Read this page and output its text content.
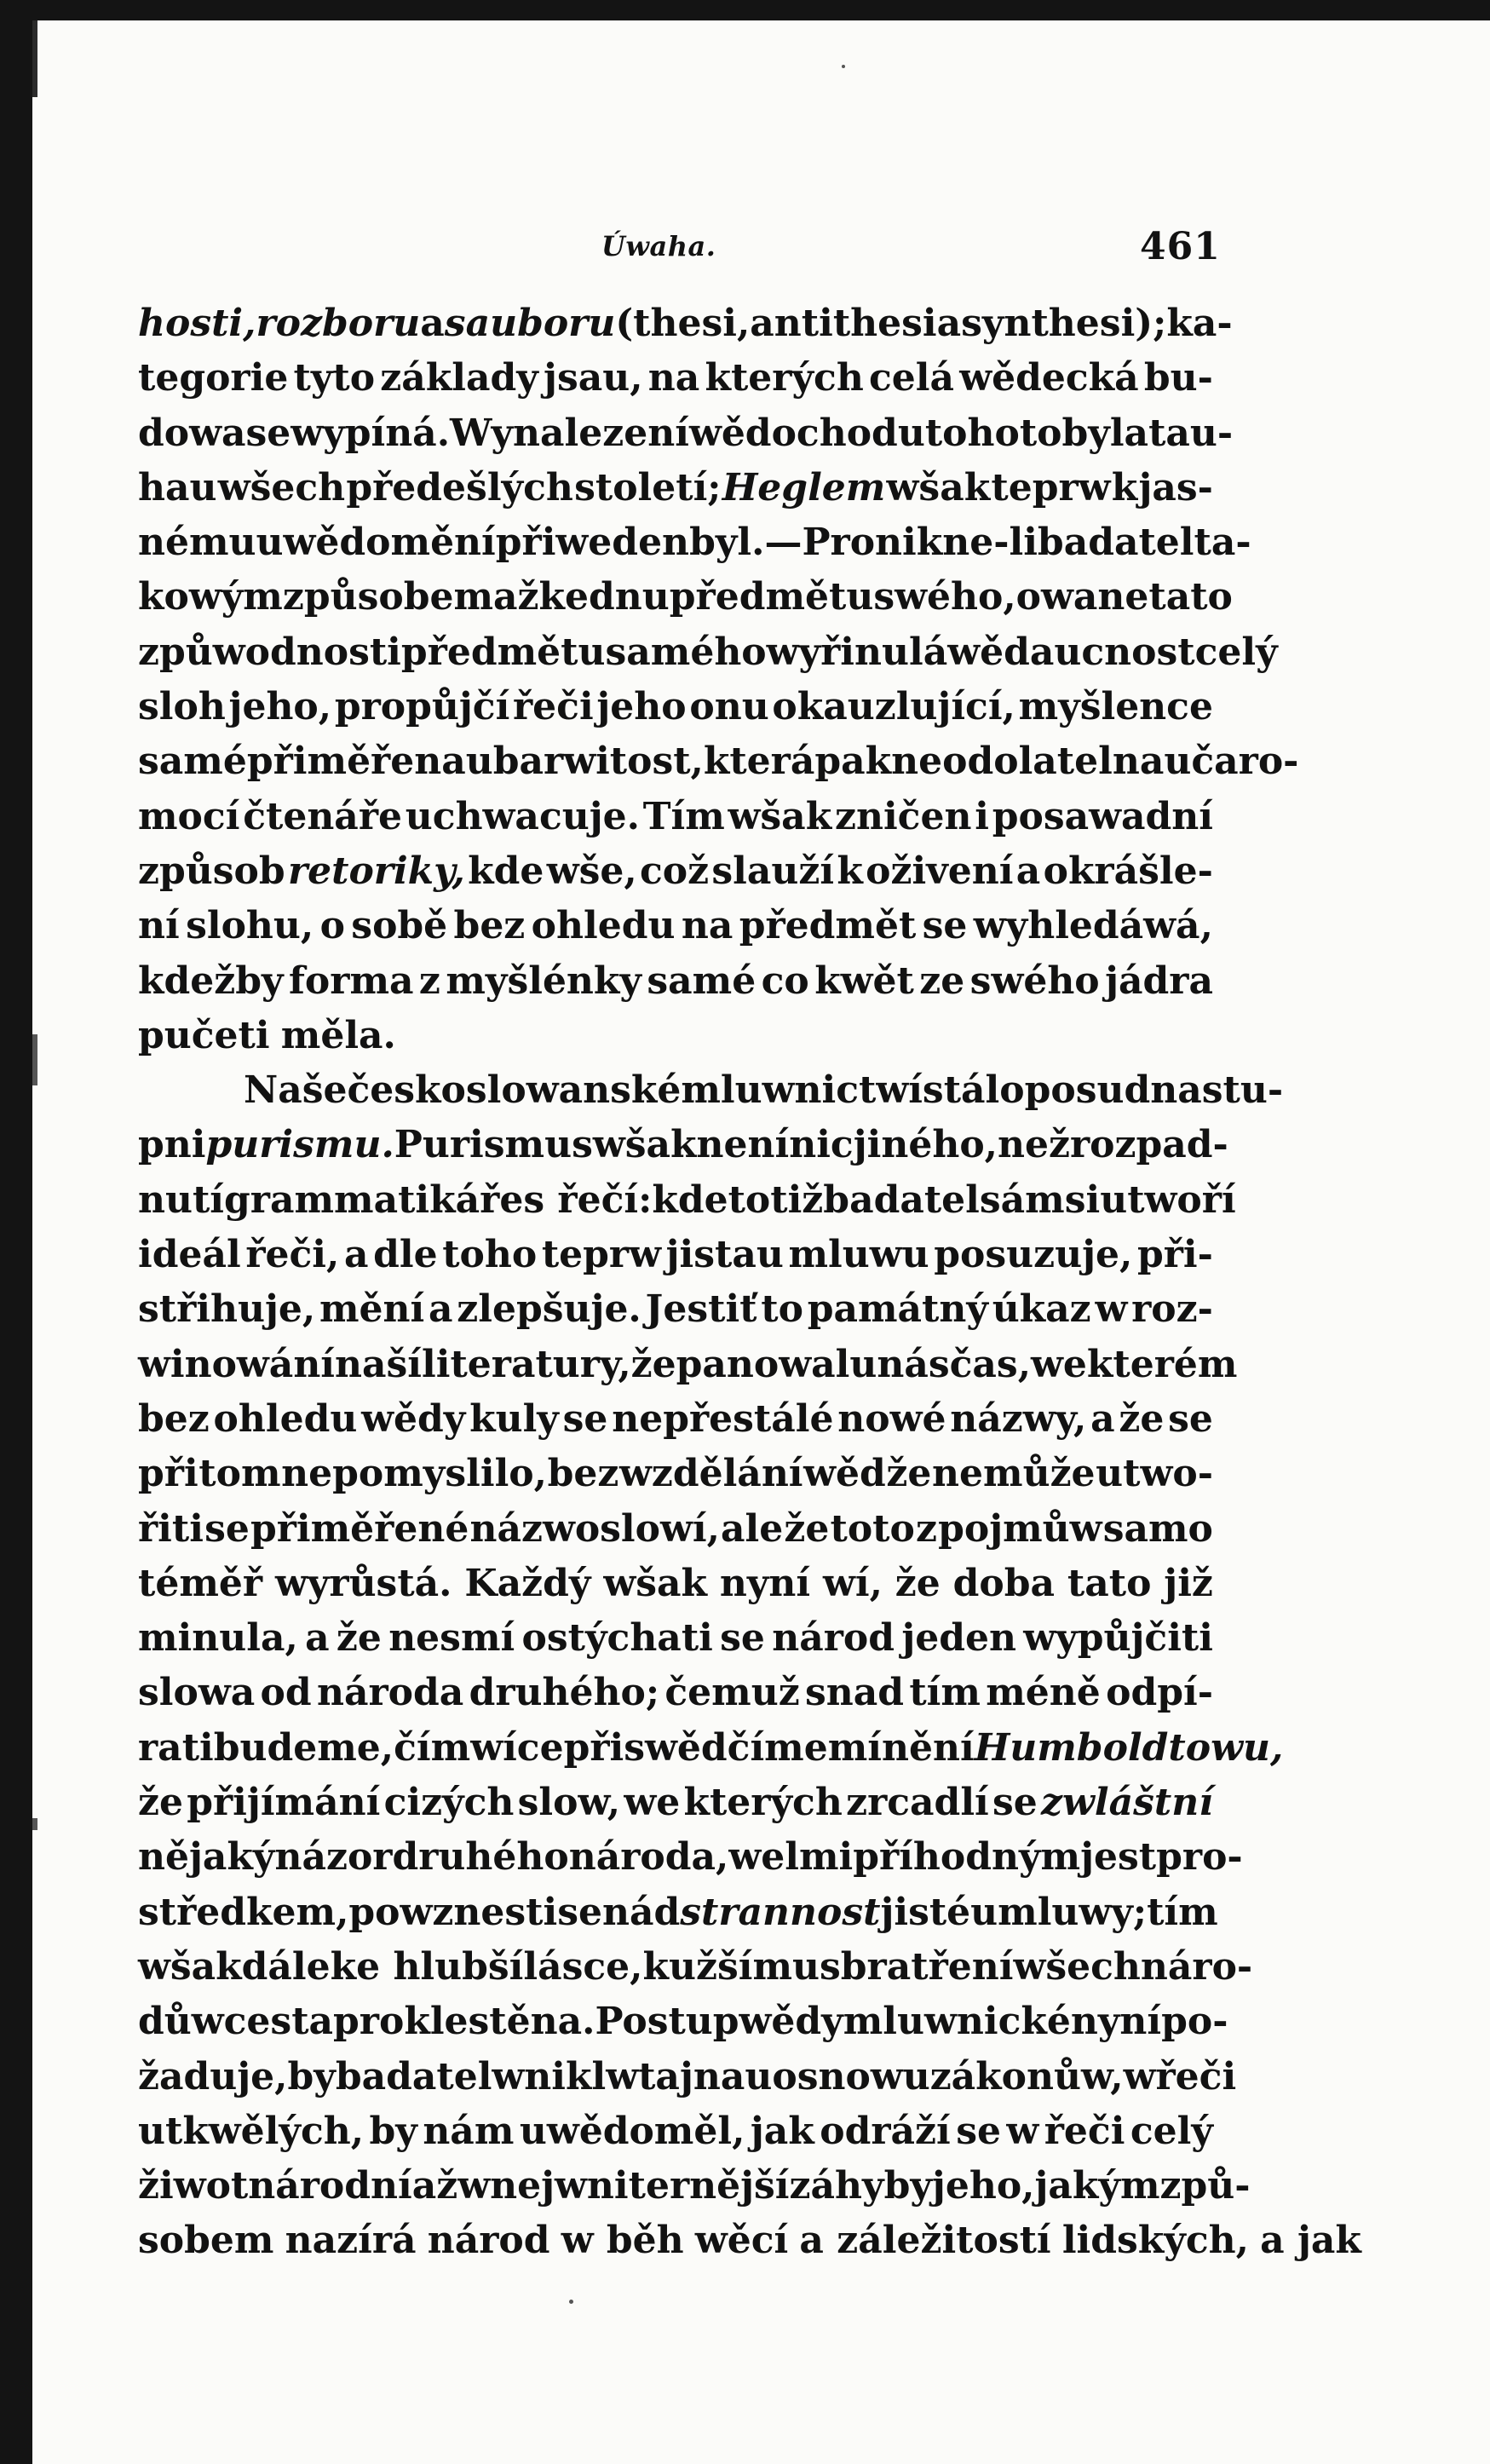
Úwaha.	461
hosti, rozboru a sauboru (thesi, antithesi a synthesi); ka-
tegorie tyto základy jsau, na kterých celá wědecká bu-
dowa se wypíná. Wynalezení wědochodu tohoto byla tau-
hau wšech předešlých století; Heglem wšak teprw k jas-
nému uwědomění přiweden byl. — Pronikne-li badatel ta-
kowým způsobem až ke dnu předmětu swého, owane tato
z půwodnosti předmětu samého wyřinulá wědaucnost celý
sloh jeho, propůjčí řeči jeho onu okauzlující, myšlence
samé přiměřenau barwitost, která pak neodolatelnau čaro-
mocí čtenáře uchwacuje. Tím wšak zničen i posawadní
způsob retoriky, kde wše, což slauží k oživení a okrášle-
ní slohu, o sobě bez ohledu na předmět se wyhledáwá,
kdežby forma z myšlénky samé co kwět ze swého jádra
pučeti měla.
Naše českoslowanské mluwnictwí stálo posud na stu-
pni purismu. Purismus wšak není nic jiného, než rozpad-
nutí grammatikáře s řečí: kde totiž badatel sám si utwoří
ideál řeči, a dle toho teprw jistau mluwu posuzuje, při-
střihuje, mění a zlepšuje. Jestiť to památný úkaz w roz-
winowání naší literatury, že panowal u nás čas, we kterém
bez ohledu wědy kuly se nepřestálé nowé názwy, a že se
při tom nepomyslilo, bez wzdělání wěd že nemůže utwo-
řiti se přiměřené názwoslowí, ale že toto z pojmůw samo
téměř wyrůstá. Každý wšak nyní wí, že doba tato již
minula, a že nesmí ostýchati se národ jeden wypůjčiti
slowa od národa druhého; čemuž snad tím méně odpí-
rati budeme, čím wíce přiswědčíme mínění Humboldtowu,
že přijímání cizých slow, we kterých zrcadlí se zwláštní
nějaký názor druhého národa, welmi příhodným jest pro-
středkem, powznesti se nád strannost jisté umluwy; tím
wšak dále ke hlubší lásce, k užšímu sbratření wšech náro-
důw cesta proklestěna. Postup wědy mluwnické nyní po-
žaduje, by badatel wnikl w tajnau osnowu zákonůw, w řeči
utkwělých, by nám uwědoměl, jak odráží se w řeči celý
žiwot národní až w nejwniternější záhyby jeho, jakým způ-
sobem nazírá národ w běh wěcí a záležitostí lidských, a jak
